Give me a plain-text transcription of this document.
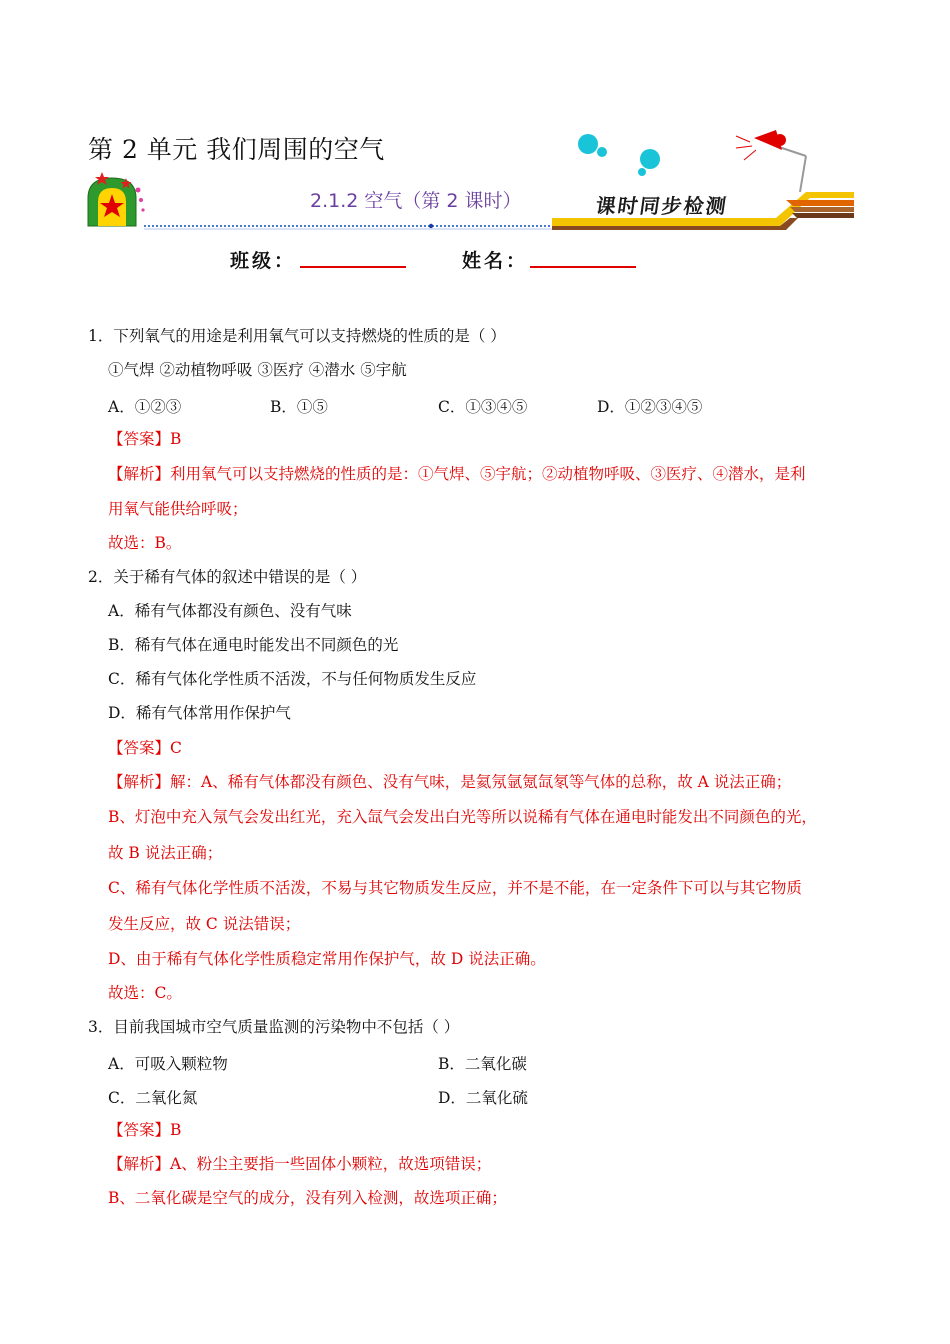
第 2 单元 我们周围的空气
2.1.2 空气（第 2 课时）	课时同步检测
班级：	姓名：
1．下列氧气的用途是利用氧气可以支持燃烧的性质的是（ ）
①气焊 ②动植物呼吸 ③医疗 ④潜水 ⑤宇航
A．①②③	B．①⑤	C．①③④⑤	D．①②③④⑤
【答案】B
【解析】利用氧气可以支持燃烧的性质的是：①气焊、⑤宇航；②动植物呼吸、③医疗、④潜水，是利
用氧气能供给呼吸；
故选：B。
2．关于稀有气体的叙述中错误的是（ ）
A．稀有气体都没有颜色、没有气味
B．稀有气体在通电时能发出不同颜色的光
C．稀有气体化学性质不活泼，不与任何物质发生反应
D．稀有气体常用作保护气
【答案】C
【解析】解：A、稀有气体都没有颜色、没有气味，是氦氖氩氪氙氡等气体的总称，故 A 说法正确；
B、灯泡中充入氖气会发出红光，充入氙气会发出白光等所以说稀有气体在通电时能发出不同颜色的光，
故 B 说法正确；
C、稀有气体化学性质不活泼，不易与其它物质发生反应，并不是不能，在一定条件下可以与其它物质
发生反应，故 C 说法错误；
D、由于稀有气体化学性质稳定常用作保护气，故 D 说法正确。
故选：C。
3．目前我国城市空气质量监测的污染物中不包括（ ）
A．可吸入颗粒物	B．二氧化碳
C．二氧化氮	D．二氧化硫
【答案】B
【解析】A、粉尘主要指一些固体小颗粒，故选项错误；
B、二氧化碳是空气的成分，没有列入检测，故选项正确；
